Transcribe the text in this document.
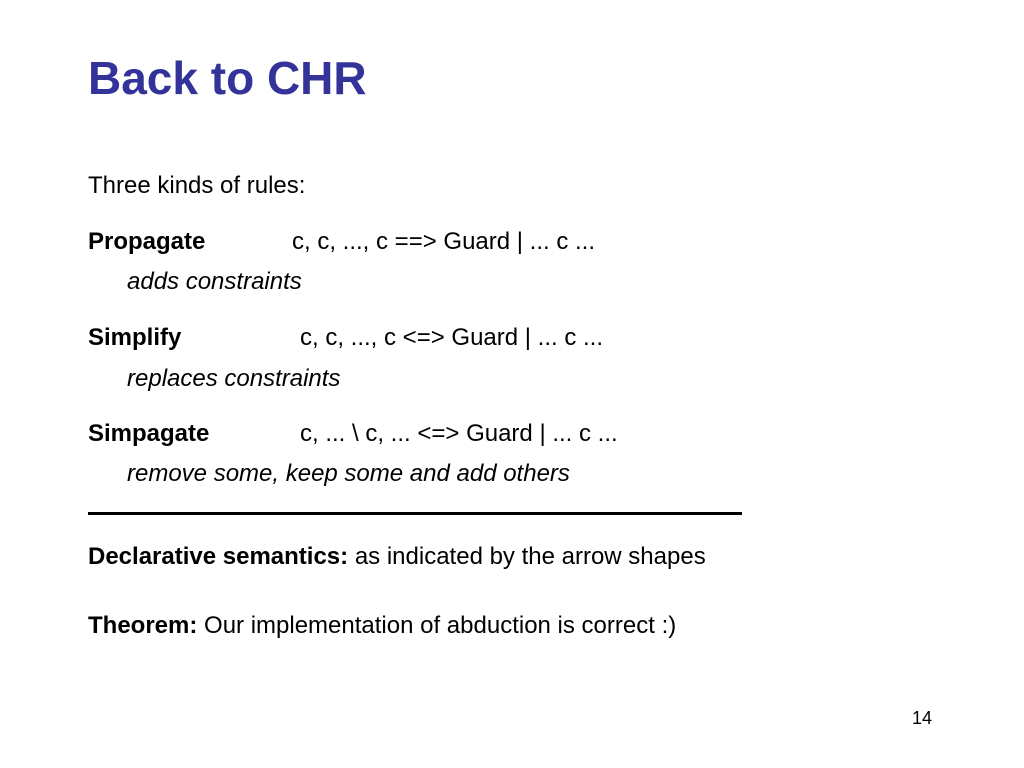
Back to CHR
Three kinds of rules:
Propagate	c, c, ..., c ==> Guard | ... c ...
adds constraints
Simplify	c, c, ..., c <=> Guard | ... c ...
replaces constraints
Simpagate	c, ... \ c, ... <=> Guard | ... c ...
remove some, keep some and add others
Declarative semantics: as indicated by the arrow shapes
Theorem: Our implementation of abduction is correct :)
14
